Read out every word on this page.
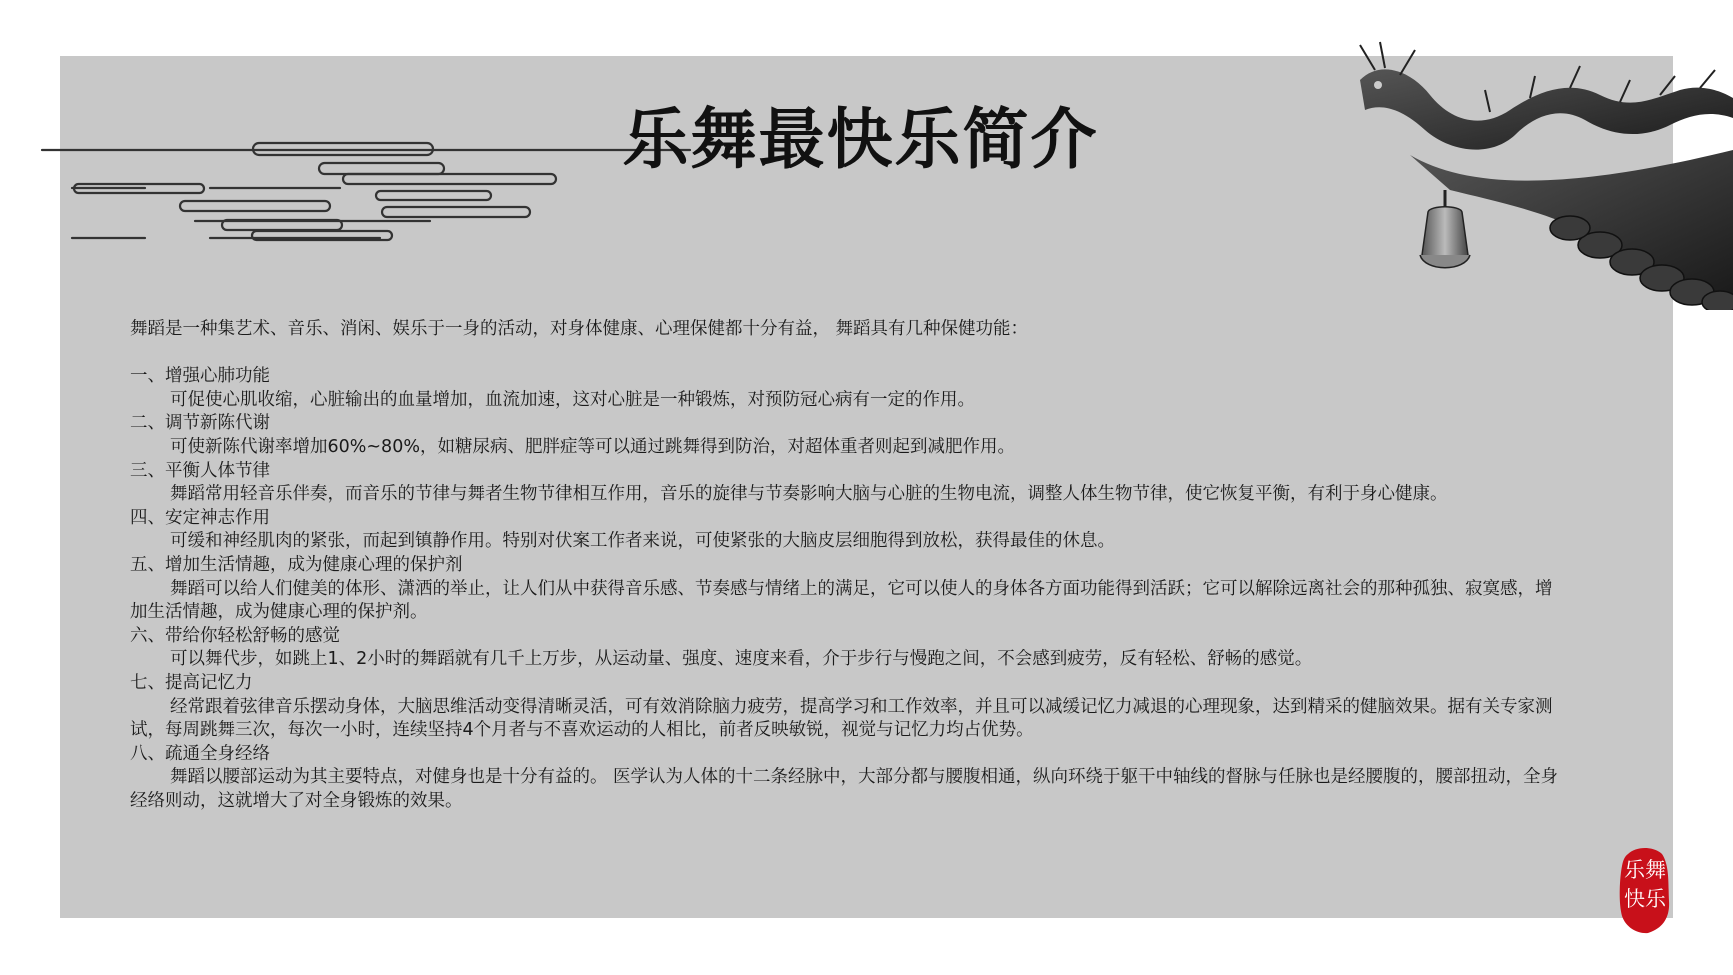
乐舞最快乐简介

舞蹈是一种集艺术、音乐、消闲、娱乐于一身的活动，对身体健康、心理保健都十分有益， 舞蹈具有几种保健功能：

一、增强心肺功能

可促使心肌收缩，心脏输出的血量增加，血流加速，这对心脏是一种锻炼，对预防冠心病有一定的作用。

二、调节新陈代谢

可使新陈代谢率增加60%~80%，如糖尿病、肥胖症等可以通过跳舞得到防治，对超体重者则起到减肥作用。

三、平衡人体节律

舞蹈常用轻音乐伴奏，而音乐的节律与舞者生物节律相互作用，音乐的旋律与节奏影响大脑与心脏的生物电流，调整人体生物节律，使它恢复平衡，有利于身心健康。

四、安定神志作用

可缓和神经肌肉的紧张，而起到镇静作用。特别对伏案工作者来说，可使紧张的大脑皮层细胞得到放松，获得最佳的休息。

五、增加生活情趣，成为健康心理的保护剂

舞蹈可以给人们健美的体形、潇洒的举止，让人们从中获得音乐感、节奏感与情绪上的满足，它可以使人的身体各方面功能得到活跃；它可以解除远离社会的那种孤独、寂寞感，增加生活情趣，成为健康心理的保护剂。

六、带给你轻松舒畅的感觉

可以舞代步，如跳上1、2小时的舞蹈就有几千上万步，从运动量、强度、速度来看，介于步行与慢跑之间，不会感到疲劳，反有轻松、舒畅的感觉。

七、提高记忆力

经常跟着弦律音乐摆动身体，大脑思维活动变得清晰灵活，可有效消除脑力疲劳，提高学习和工作效率，并且可以减缓记忆力减退的心理现象，达到精采的健脑效果。据有关专家测试，每周跳舞三次，每次一小时，连续坚持4个月者与不喜欢运动的人相比，前者反映敏锐，视觉与记忆力均占优势。

八、疏通全身经络

舞蹈以腰部运动为其主要特点，对健身也是十分有益的。 医学认为人体的十二条经脉中，大部分都与腰腹相通，纵向环绕于躯干中轴线的督脉与任脉也是经腰腹的，腰部扭动，全身经络则动，这就增大了对全身锻炼的效果。

乐舞
快乐
